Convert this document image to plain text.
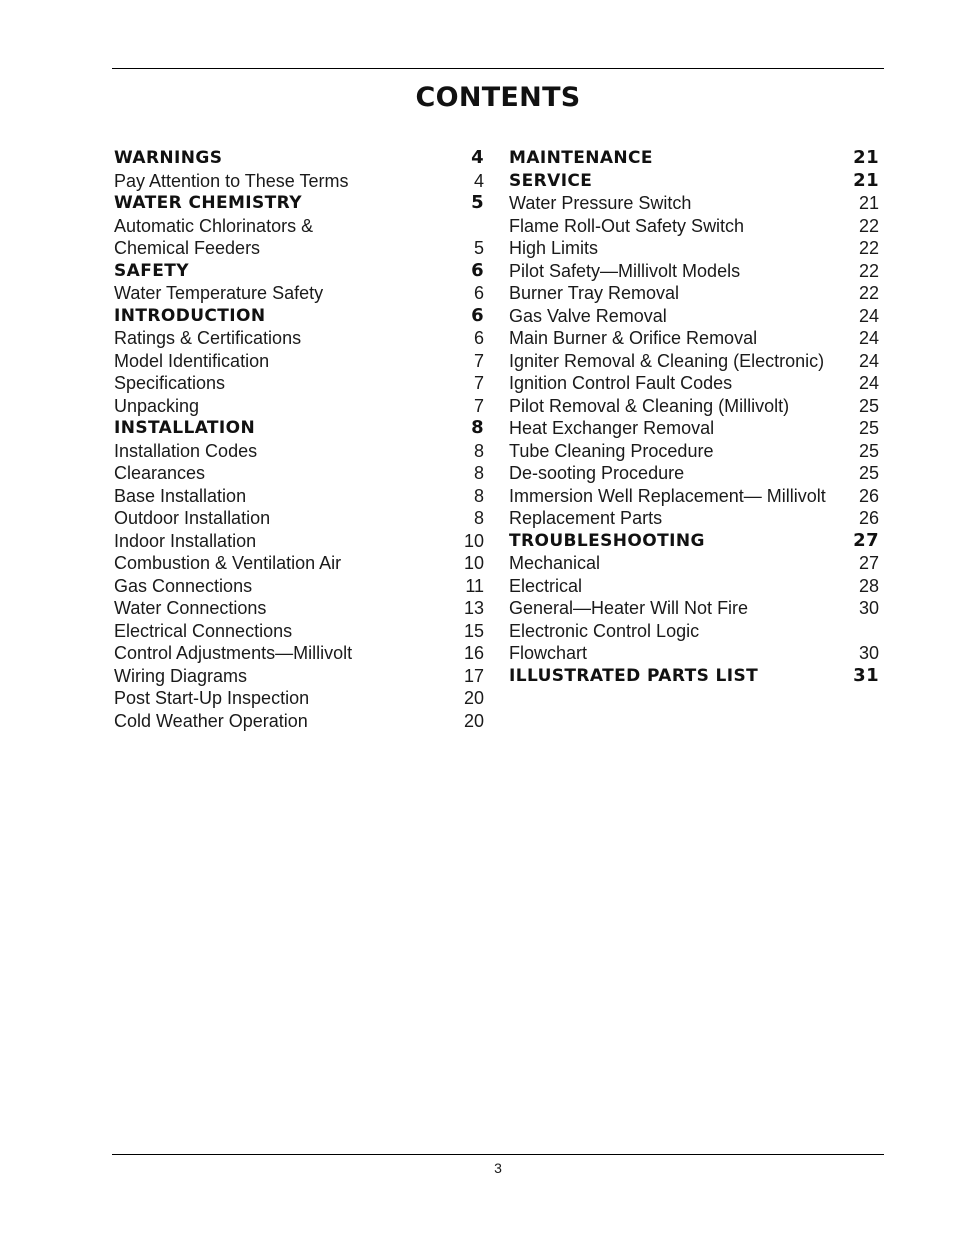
CONTENTS
WARNINGS	4
Pay Attention to These Terms	4
WATER CHEMISTRY	5
Automatic Chlorinators &
Chemical Feeders	5
SAFETY	6
Water Temperature Safety	6
INTRODUCTION	6
Ratings & Certifications	6
Model Identification	7
Specifications	7
Unpacking	7
INSTALLATION	8
Installation Codes	8
Clearances	8
Base Installation	8
Outdoor Installation	8
Indoor Installation	10
Combustion & Ventilation Air	10
Gas Connections	11
Water Connections	13
Electrical Connections	15
Control Adjustments—Millivolt	16
Wiring Diagrams	17
Post Start-Up Inspection	20
Cold Weather Operation	20
MAINTENANCE	21
SERVICE	21
Water Pressure Switch	21
Flame Roll-Out Safety Switch	22
High Limits	22
Pilot Safety—Millivolt Models	22
Burner Tray Removal	22
Gas Valve Removal	24
Main Burner & Orifice Removal	24
Igniter Removal & Cleaning (Electronic) 24
Ignition Control Fault Codes	24
Pilot Removal & Cleaning (Millivolt)	25
Heat Exchanger Removal	25
Tube Cleaning Procedure	25
De-sooting Procedure	25
Immersion Well Replacement— Millivolt 26
Replacement Parts	26
TROUBLESHOOTING	27
Mechanical	27
Electrical	28
General—Heater Will Not Fire	30
Electronic Control Logic
Flowchart	30
ILLUSTRATED PARTS LIST	31
3
